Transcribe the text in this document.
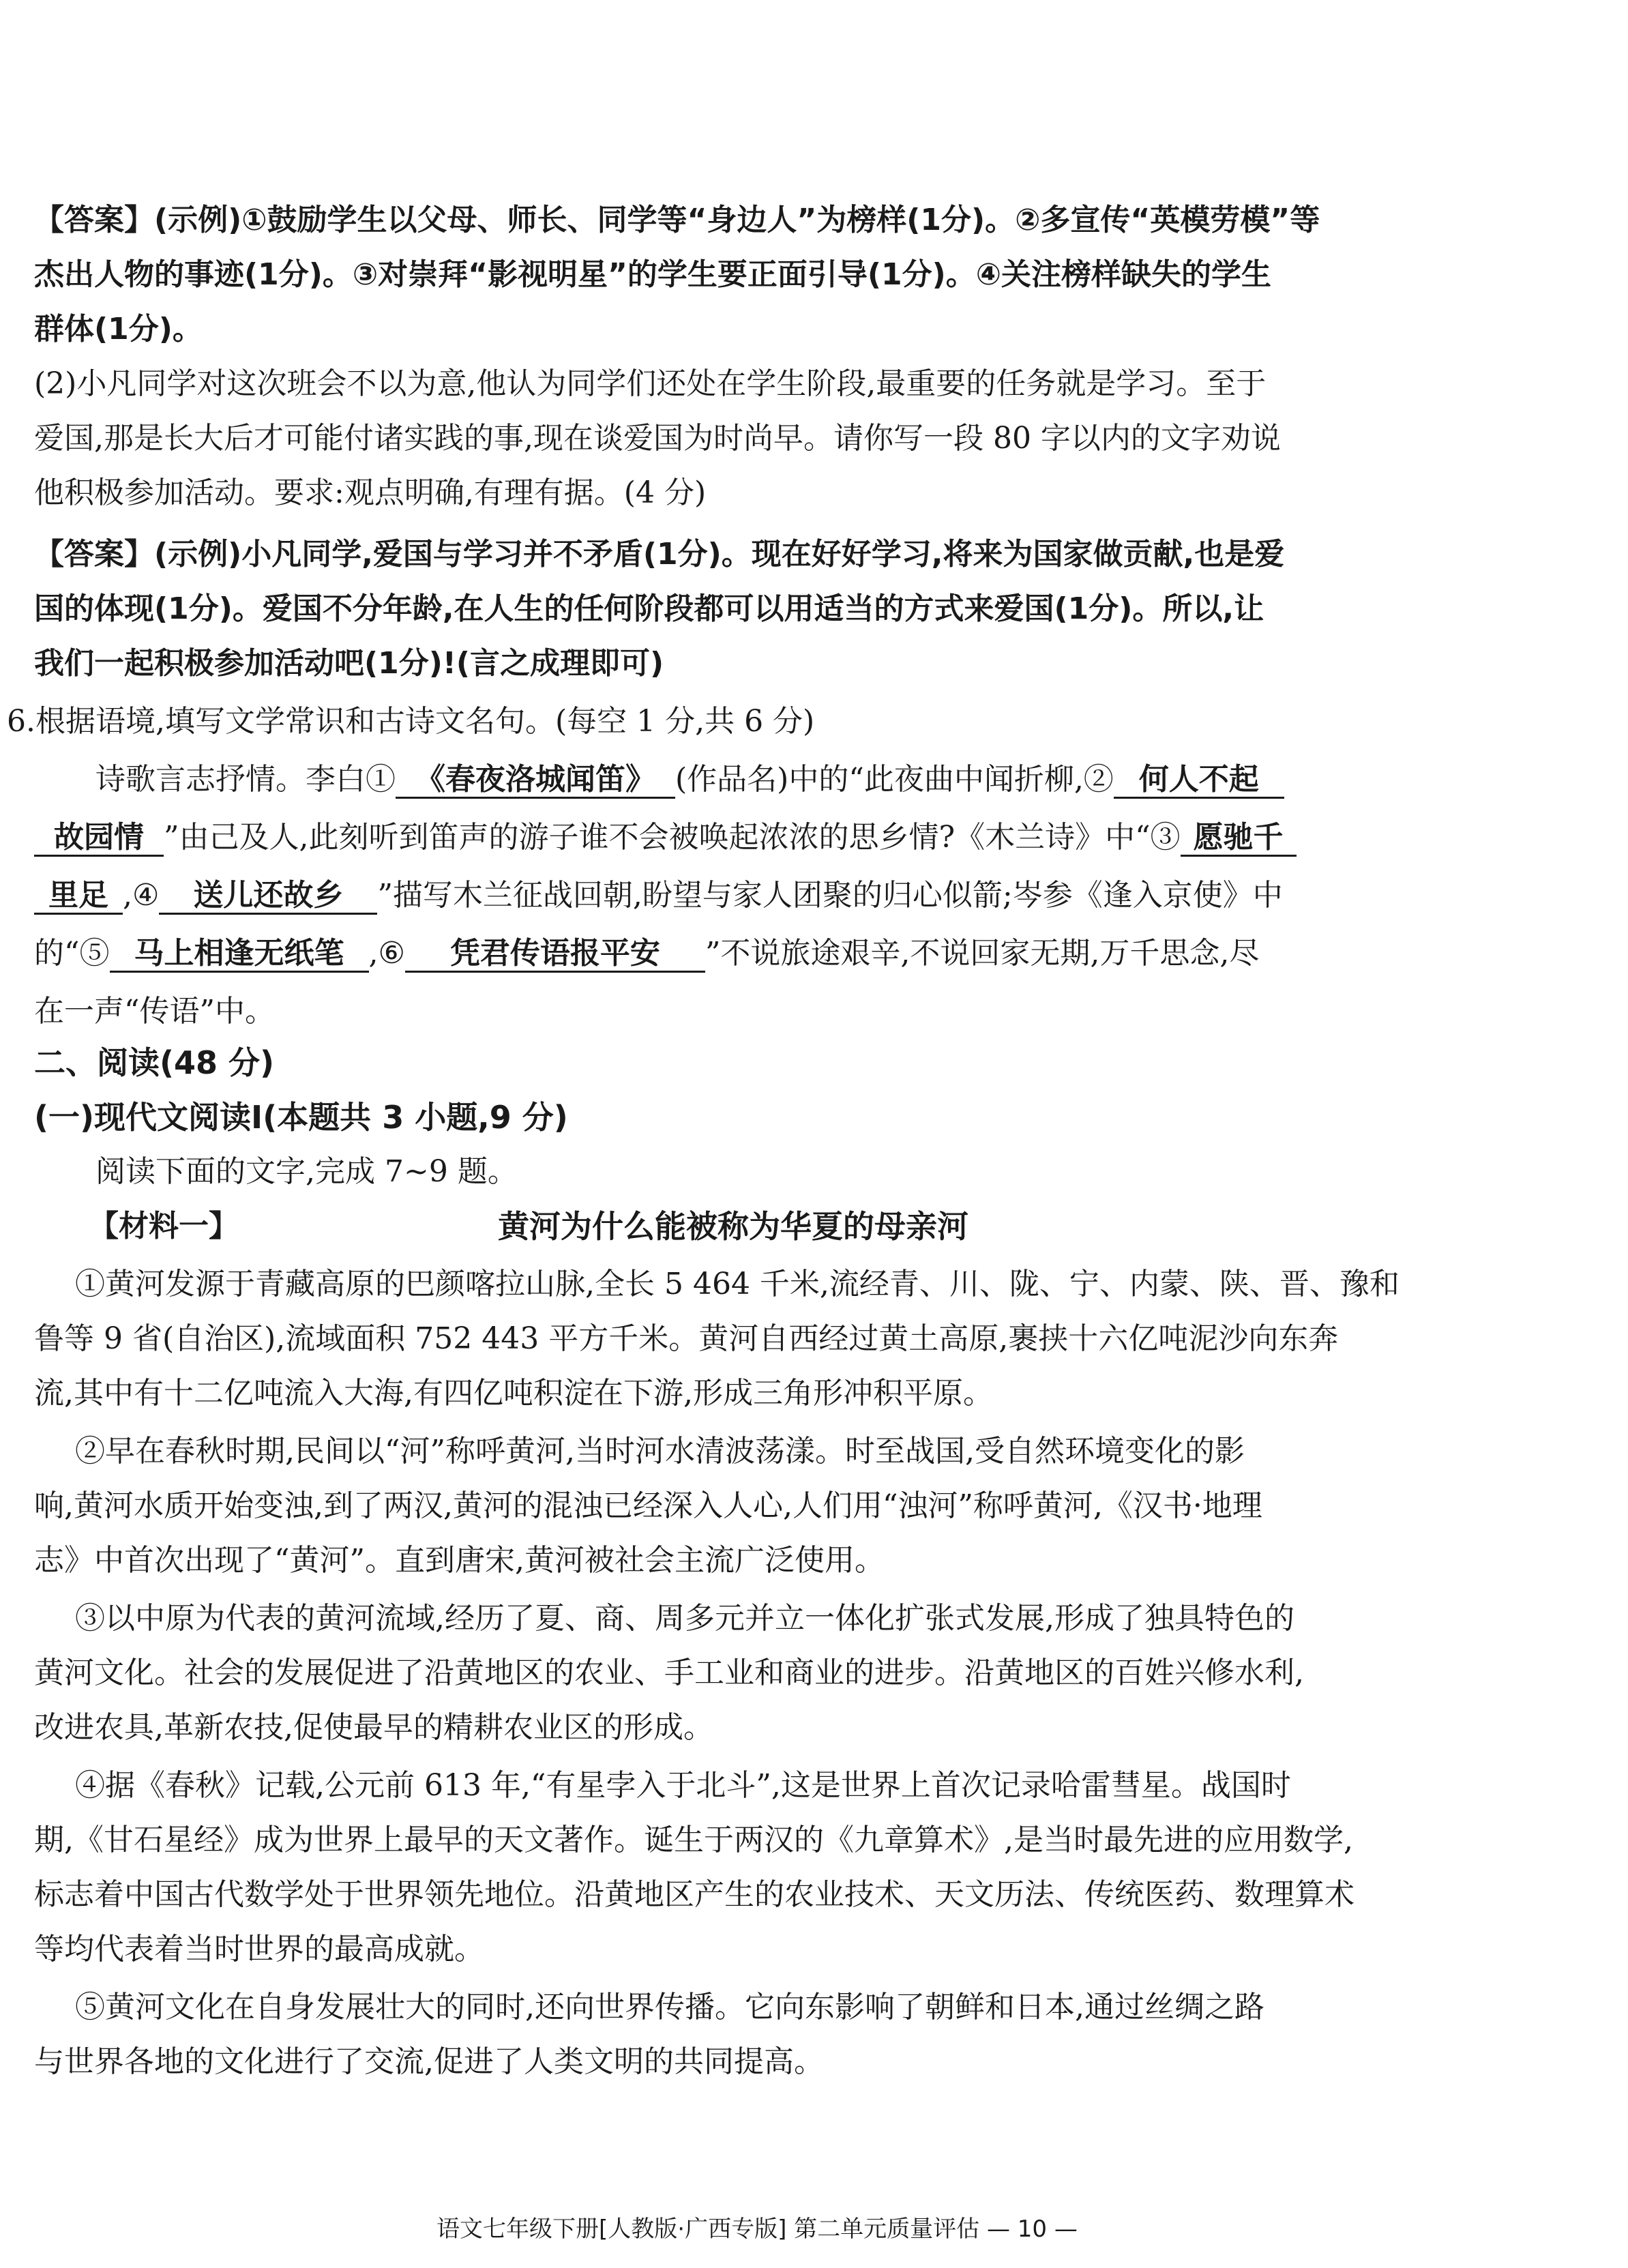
【答案】(示例)①鼓励学生以父母、师长、同学等“身边人”为榜样(1分)。②多宣传“英模劳模”等
杰出人物的事迹(1分)。③对崇拜“影视明星”的学生要正面引导(1分)。④关注榜样缺失的学生
群体(1分)。
(2)小凡同学对这次班会不以为意,他认为同学们还处在学生阶段,最重要的任务就是学习。至于
爱国,那是长大后才可能付诸实践的事,现在谈爱国为时尚早。请你写一段 80 字以内的文字劝说
他积极参加活动。要求:观点明确,有理有据。(4 分)
【答案】(示例)小凡同学,爱国与学习并不矛盾(1分)。现在好好学习,将来为国家做贡献,也是爱
国的体现(1分)。爱国不分年龄,在人生的任何阶段都可以用适当的方式来爱国(1分)。所以,让
我们一起积极参加活动吧(1分)!(言之成理即可)
6.根据语境,填写文学常识和古诗文名句。(每空 1 分,共 6 分)
诗歌言志抒情。李白① 《春夜洛城闻笛》 (作品名)中的“此夜曲中闻折柳,② 何人不起
故园情 ”由己及人,此刻听到笛声的游子谁不会被唤起浓浓的思乡情?《木兰诗》中“③ 愿驰千
里足 ,④ 送儿还故乡 ”描写木兰征战回朝,盼望与家人团聚的归心似箭;岑参《逢入京使》中
的“⑤ 马上相逢无纸笔 ,⑥ 凭君传语报平安 ”不说旅途艰辛,不说回家无期,万千思念,尽
在一声“传语”中。
二、阅读(48 分)
(一)现代文阅读Ⅰ(本题共 3 小题,9 分)
阅读下面的文字,完成 7~9 题。
【材料一】	黄河为什么能被称为华夏的母亲河
①黄河发源于青藏高原的巴颜喀拉山脉,全长 5 464 千米,流经青、川、陇、宁、内蒙、陕、晋、豫和
鲁等 9 省(自治区),流域面积 752 443 平方千米。黄河自西经过黄土高原,裹挟十六亿吨泥沙向东奔
流,其中有十二亿吨流入大海,有四亿吨积淀在下游,形成三角形冲积平原。
②早在春秋时期,民间以“河”称呼黄河,当时河水清波荡漾。时至战国,受自然环境变化的影
响,黄河水质开始变浊,到了两汉,黄河的混浊已经深入人心,人们用“浊河”称呼黄河,《汉书·地理
志》中首次出现了“黄河”。直到唐宋,黄河被社会主流广泛使用。
③以中原为代表的黄河流域,经历了夏、商、周多元并立一体化扩张式发展,形成了独具特色的
黄河文化。社会的发展促进了沿黄地区的农业、手工业和商业的进步。沿黄地区的百姓兴修水利,
改进农具,革新农技,促使最早的精耕农业区的形成。
④据《春秋》记载,公元前 613 年,“有星孛入于北斗”,这是世界上首次记录哈雷彗星。战国时
期,《甘石星经》成为世界上最早的天文著作。诞生于两汉的《九章算术》,是当时最先进的应用数学,
标志着中国古代数学处于世界领先地位。沿黄地区产生的农业技术、天文历法、传统医药、数理算术
等均代表着当时世界的最高成就。
⑤黄河文化在自身发展壮大的同时,还向世界传播。它向东影响了朝鲜和日本,通过丝绸之路
与世界各地的文化进行了交流,促进了人类文明的共同提高。
语文七年级下册[人教版·广西专版] 第二单元质量评估 — 10 —
